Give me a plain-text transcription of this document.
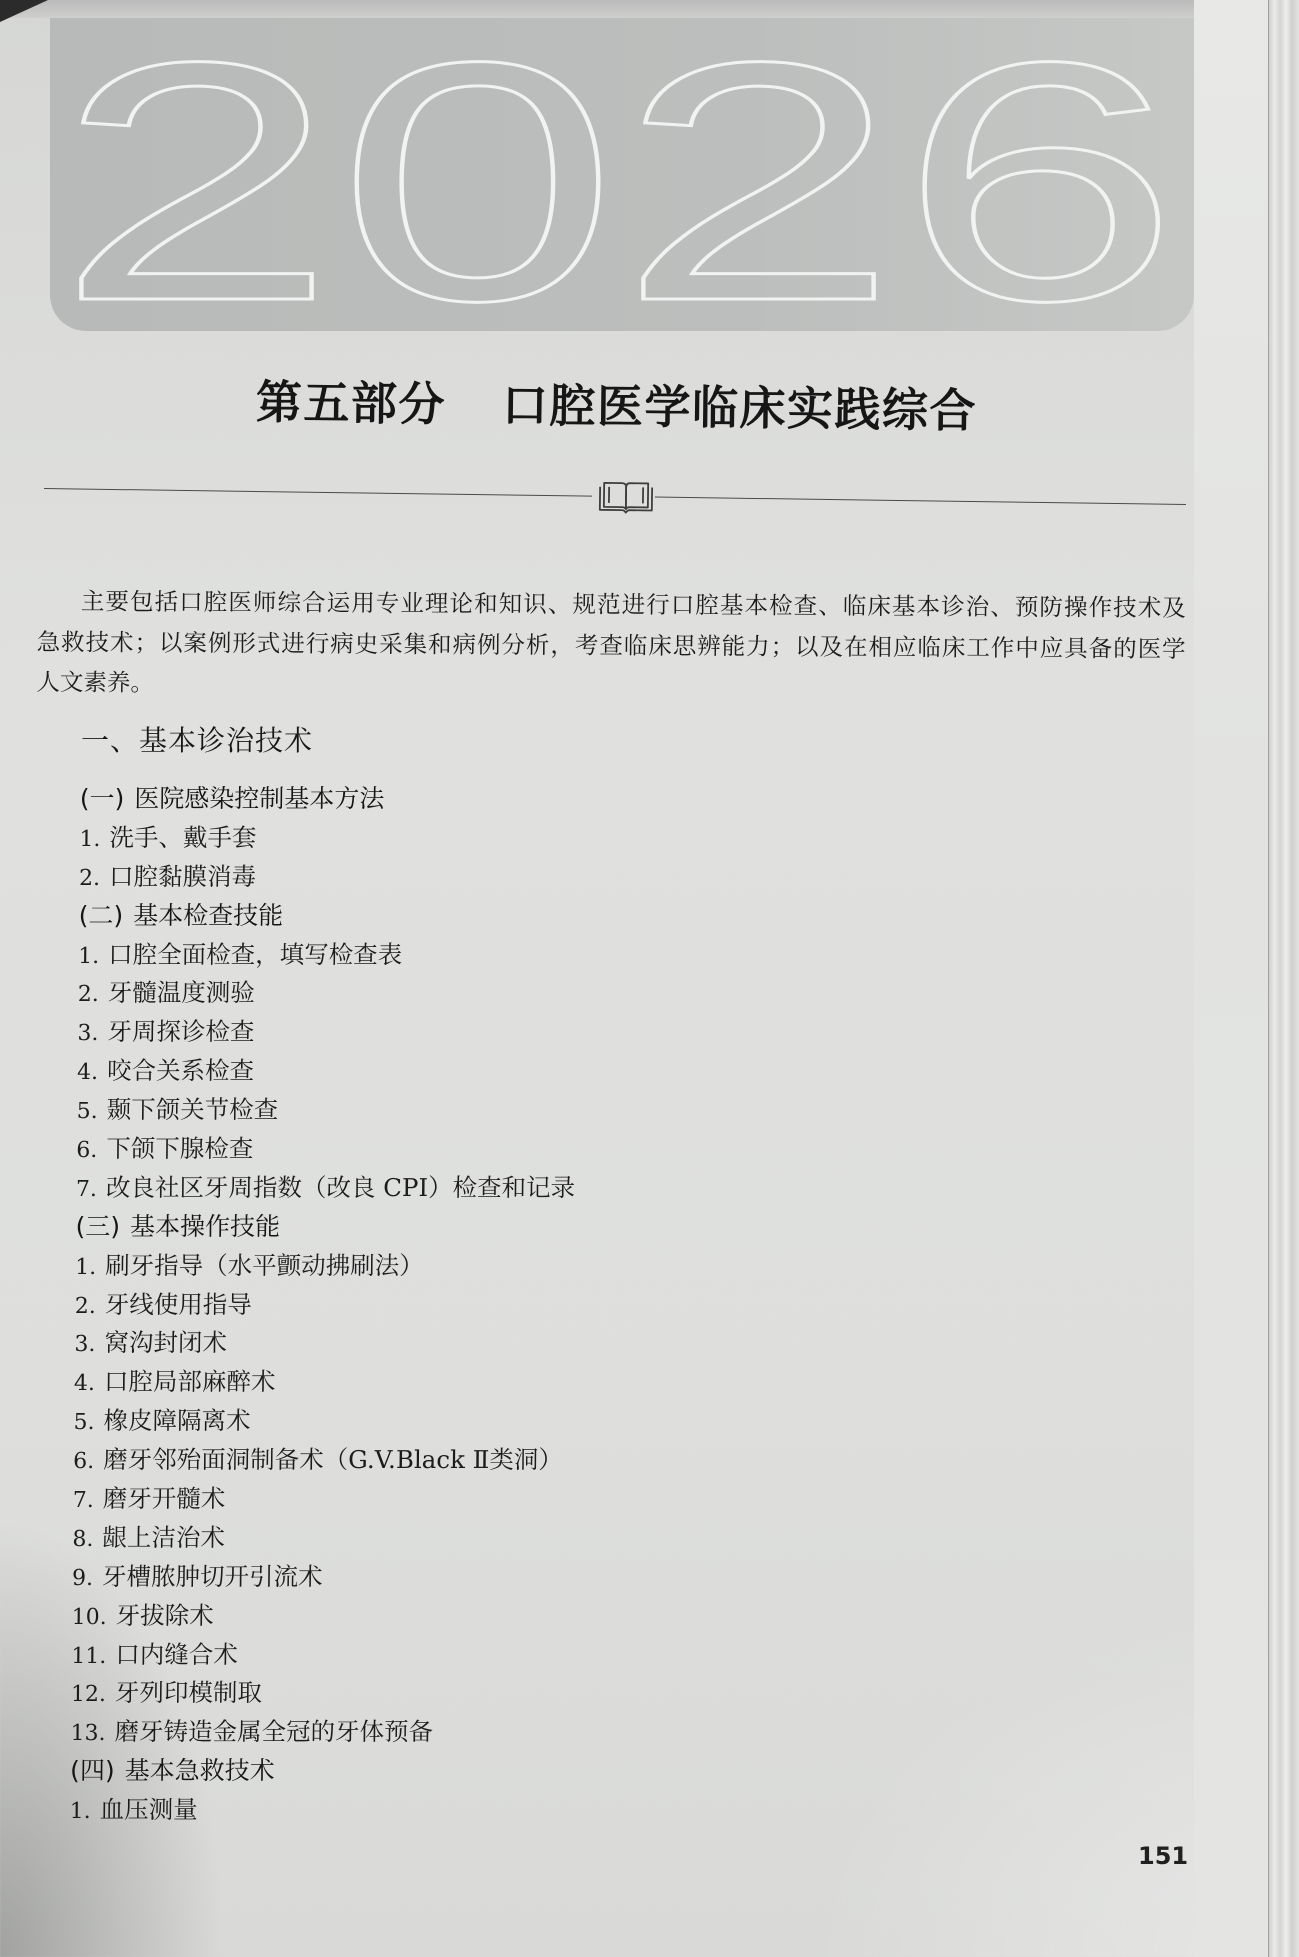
2026
第五部分 口腔医学临床实践综合
主要包括口腔医师综合运用专业理论和知识、规范进行口腔基本检查、临床基本诊治、预防操作技术及
急救技术；以案例形式进行病史采集和病例分析，考查临床思辨能力；以及在相应临床工作中应具备的医学
人文素养。
一、基本诊治技术
(一) 医院感染控制基本方法
1. 洗手、戴手套
2. 口腔黏膜消毒
(二) 基本检查技能
1. 口腔全面检查，填写检查表
2. 牙髓温度测验
3. 牙周探诊检查
4. 咬合关系检查
5. 颞下颌关节检查
6. 下颌下腺检查
7. 改良社区牙周指数（改良 CPI）检查和记录
(三) 基本操作技能
1. 刷牙指导（水平颤动拂刷法）
2. 牙线使用指导
3. 窝沟封闭术
4. 口腔局部麻醉术
5. 橡皮障隔离术
6. 磨牙邻殆面洞制备术（G.V.Black Ⅱ类洞）
7. 磨牙开髓术
8. 龈上洁治术
9. 牙槽脓肿切开引流术
10. 牙拔除术
11. 口内缝合术
12. 牙列印模制取
13. 磨牙铸造金属全冠的牙体预备
(四) 基本急救技术
1. 血压测量
151
